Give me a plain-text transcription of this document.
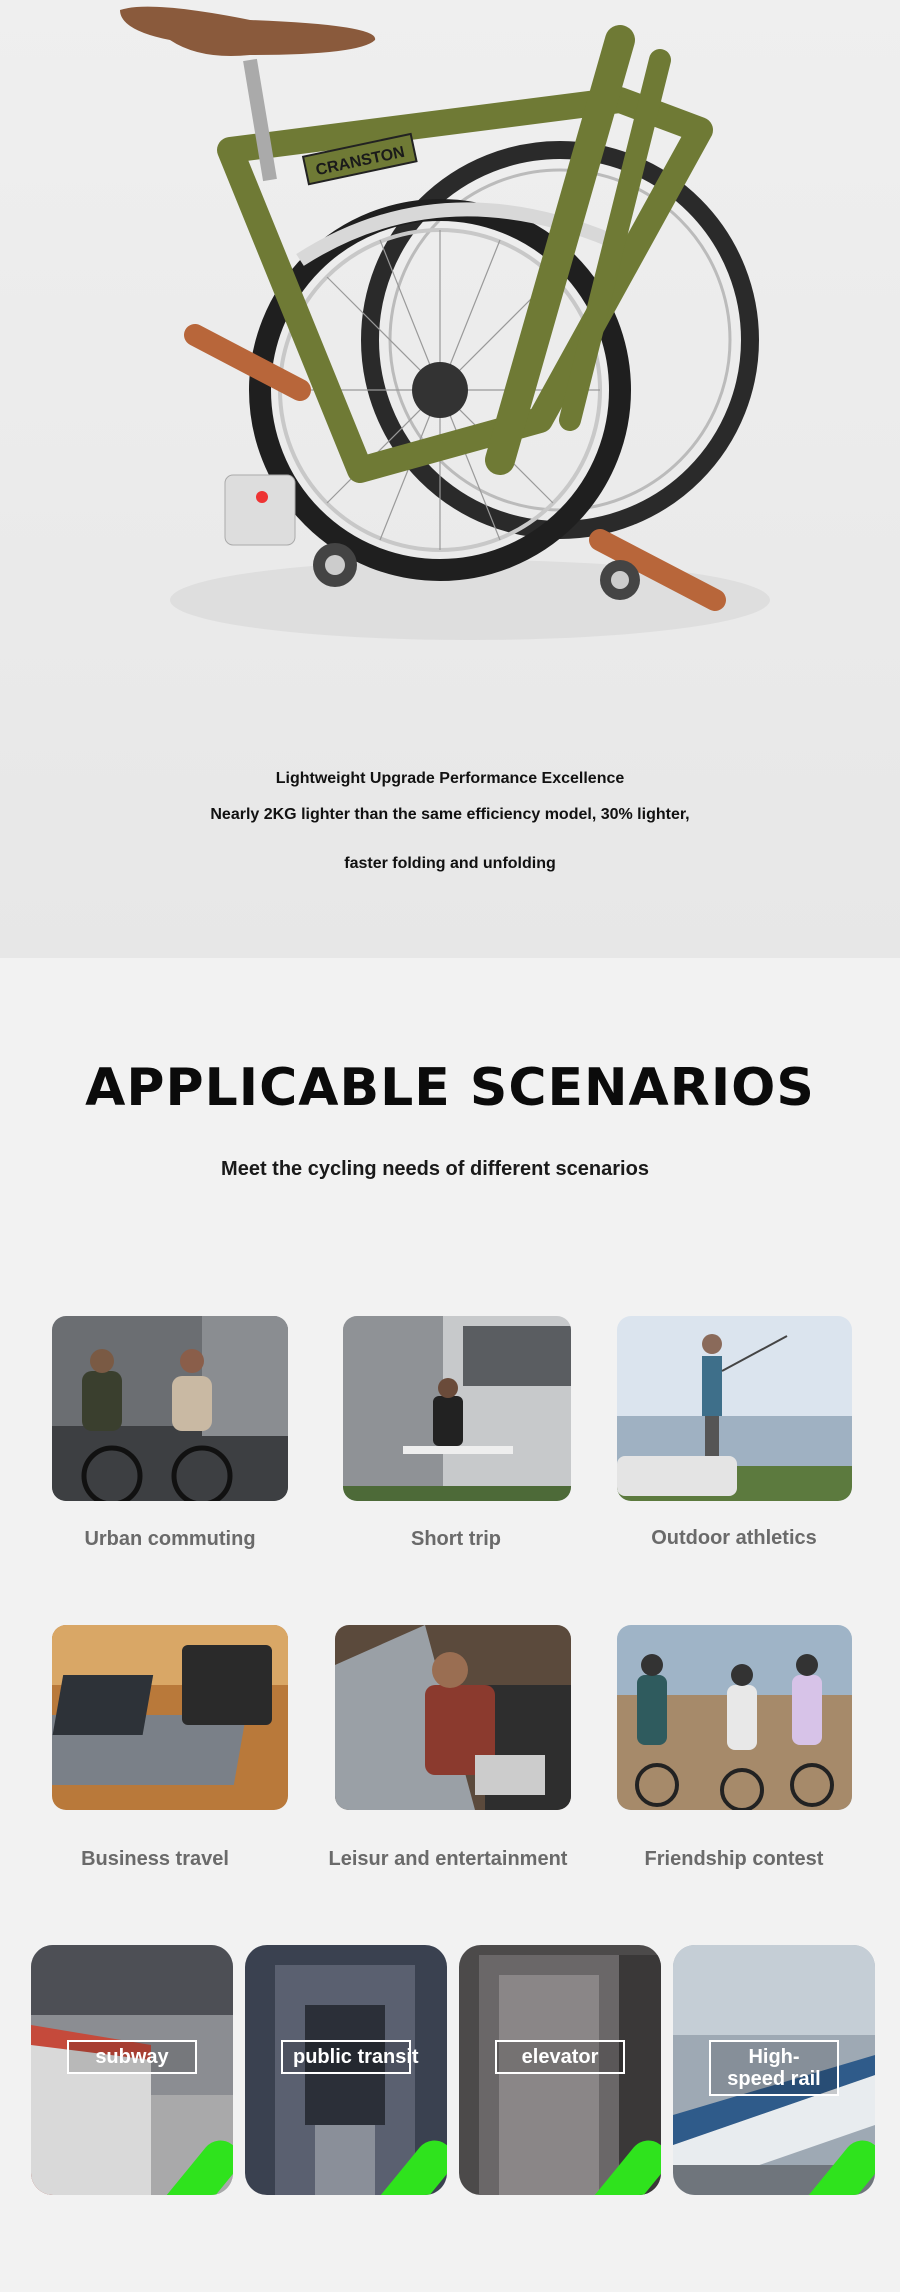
CRANSTON
Lightweight Upgrade Performance Excellence
Nearly 2KG lighter than the same efficiency model, 30% lighter,
faster folding and unfolding
APPLICABLE SCENARIOS
Meet the cycling needs of different scenarios
Urban commuting	Short trip	Outdoor athletics
Business travel	Leisur and entertainment	Friendship contest
subway	public transit	elevator	High-speed rail
